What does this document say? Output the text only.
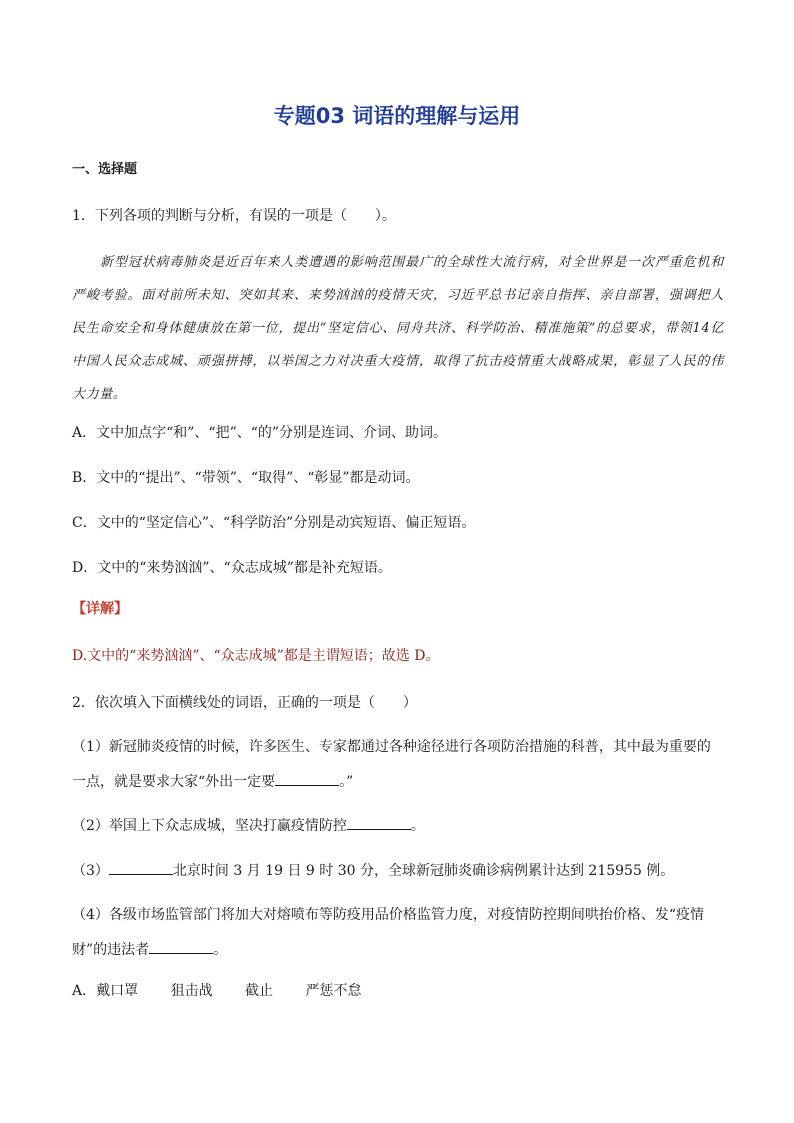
专题03 词语的理解与运用
一、选择题
1．下列各项的判断与分析，有误的一项是（　　）。
新型冠状病毒肺炎是近百年来人类遭遇的影响范围最广的全球性大流行病，对全世界是一次严重危机和严峻考验。面对前所未知、突如其来、来势汹汹的疫情天灾，习近平总书记亲自指挥、亲自部署，强调把人民生命安全和身体健康放在第一位，提出“坚定信心、同舟共济、科学防治、精准施策”的总要求，带领14亿中国人民众志成城、顽强拼搏，以举国之力对决重大疫情，取得了抗击疫情重大战略成果，彰显了人民的伟大力量。
A．文中加点字“和”、“把”、“的”分别是连词、介词、助词。
B．文中的“提出”、“带领”、“取得”、“彰显”都是动词。
C．文中的“坚定信心”、“科学防治”分别是动宾短语、偏正短语。
D．文中的“来势汹汹”、“众志成城”都是补充短语。
【详解】
D.文中的“来势汹汹”、“众志成城”都是主谓短语；故选 D。
2．依次填入下面横线处的词语，正确的一项是（　　）
（1）新冠肺炎疫情的时候，许多医生、专家都通过各种途径进行各项防治措施的科普，其中最为重要的一点，就是要求大家“外出一定要	。”
（2）举国上下众志成城，坚决打赢疫情防控	。
（3）	北京时间 3 月 19 日 9 时 30 分，全球新冠肺炎确诊病例累计达到 215955 例。
（4）各级市场监管部门将加大对熔喷布等防疫用品价格监管力度，对疫情防控期间哄抬价格、发“疫情财”的违法者	。
A．戴口罩 狙击战 截止 严惩不怠
